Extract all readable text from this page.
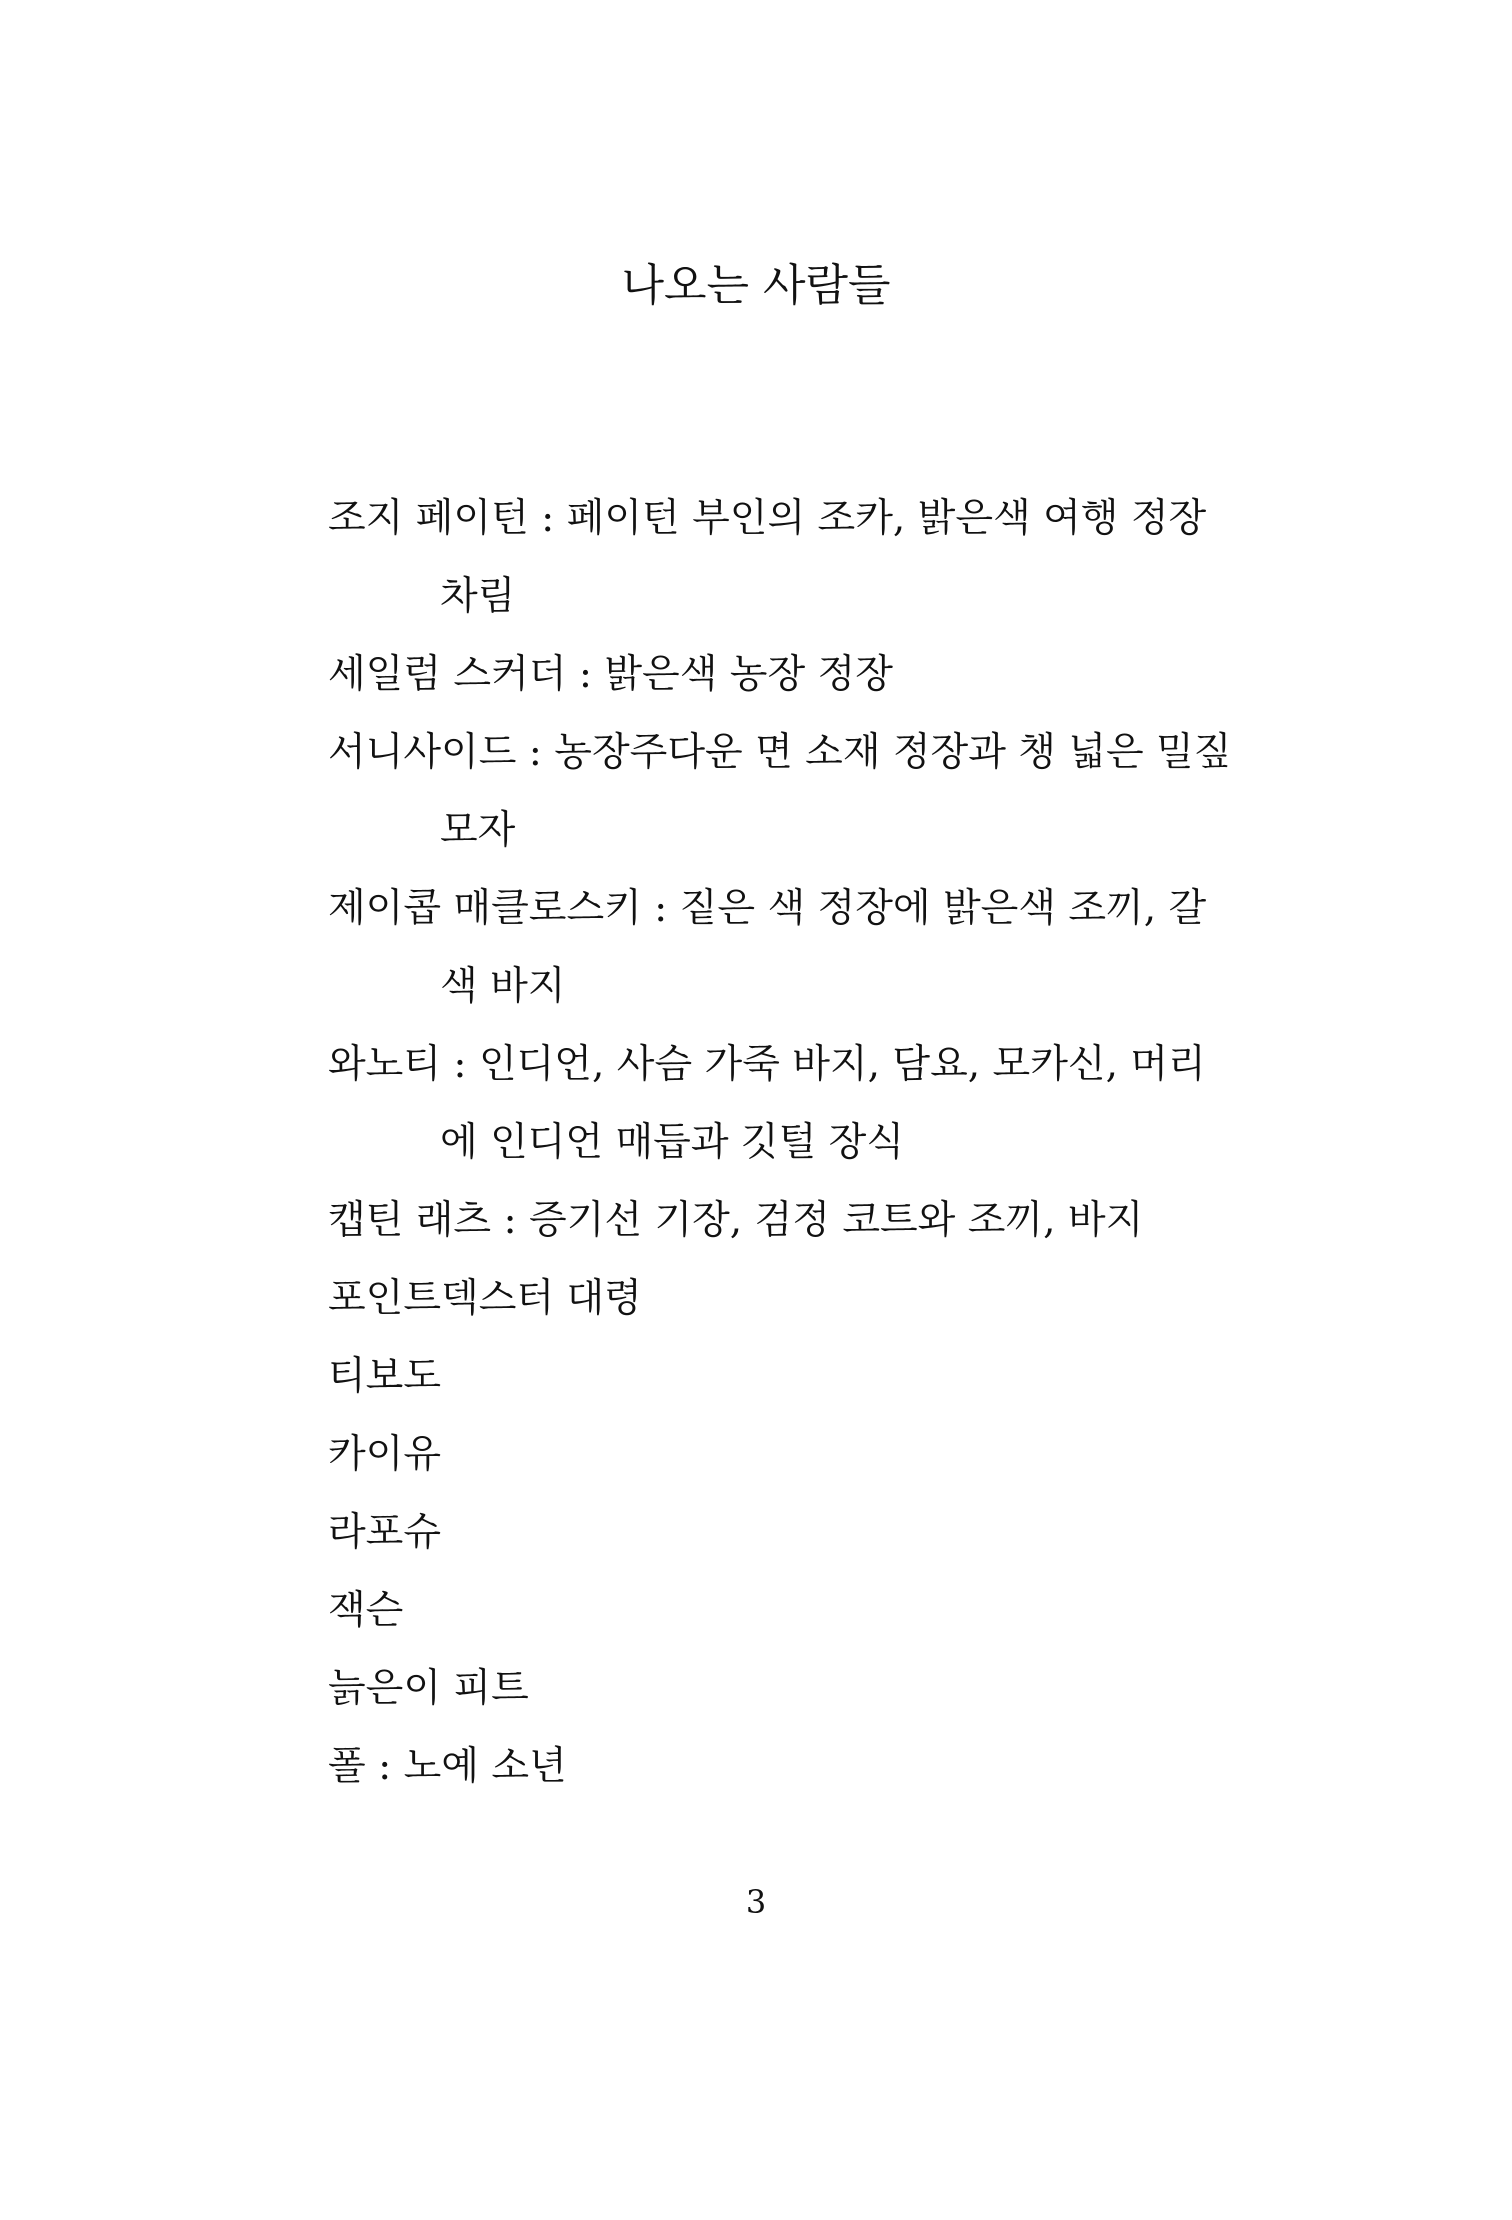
나오는 사람들
조지 페이턴 : 페이턴 부인의 조카, 밝은색 여행 정장 차림
세일럼 스커더 : 밝은색 농장 정장
서니사이드 : 농장주다운 면 소재 정장과 챙 넓은 밀짚모자
제이콥 매클로스키 : 짙은 색 정장에 밝은색 조끼, 갈색 바지
와노티 : 인디언, 사슴 가죽 바지, 담요, 모카신, 머리에 인디언 매듭과 깃털 장식
캡틴 래츠 : 증기선 기장, 검정 코트와 조끼, 바지
포인트덱스터 대령
티보도
카이유
라포슈
잭슨
늙은이 피트
폴 : 노예 소년
3
